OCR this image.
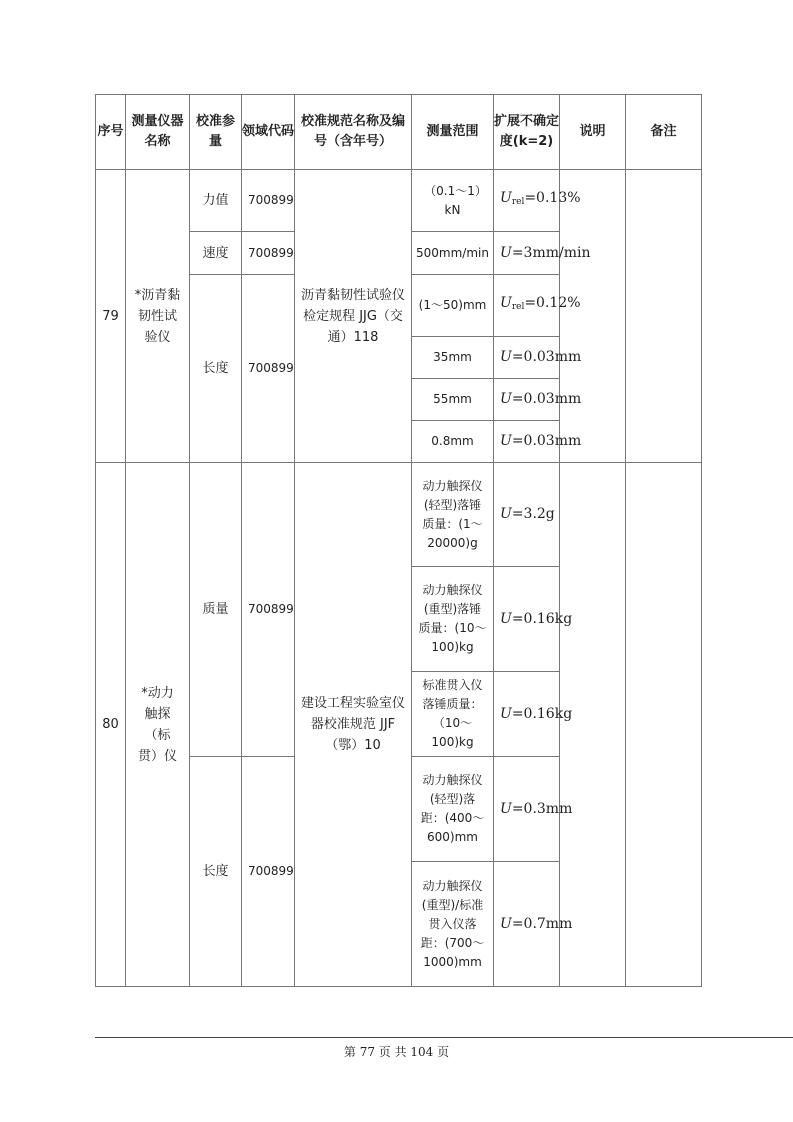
序号	测量仪器名称	校准参量	领域代码	校准规范名称及编号（含年号）	测量范围	扩展不确定度(k=2)	说明	备注
79	*沥青黏韧性试验仪	力值	700899	沥青黏韧性试验仪检定规程 JJG（交通）118	（0.1～1）kN	$U_{rel}=0.13\%$		
		速度	700899		500mm/min	U=3mm/min		
		长度	700899		(1～50)mm	$U_{rel}=0.12\%$		
					35mm	U=0.03mm		
					55mm	U=0.03mm		
					0.8mm	U=0.03mm		

80	*动力触探（标贯）仪	质量	700899	建设工程实验室仪器校准规范 JJF（鄂）10	动力触探仪(轻型)落锤质量：(1～20000)g	U=3.2g		
					动力触探仪(重型)落锤质量：(10～100)kg	U=0.16kg		
					标准贯入仪落锤质量：（10～100)kg	U=0.16kg		
		长度	700899		动力触探仪(轻型)落距：(400～600)mm	U=0.3mm		
					动力触探仪(重型)/标准贯入仪落距：(700～1000)mm	U=0.7mm		
第 77 页 共 104 页
